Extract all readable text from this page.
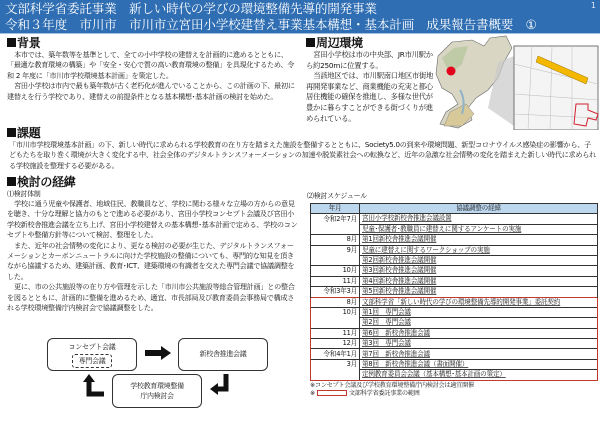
文部科学省委託事業　新しい時代の学びの環境整備先導的開発事業
令和３年度　市川市　市川市立宮田小学校建替え事業基本構想・基本計画　成果報告書概要　①
1
背景
本市では、築年数等を基準として、全ての小中学校の建替えを計画的に進めるとともに、「最適な教育環境の構築」や「安全・安心で質の高い教育環境の整備」を具現化するため、令和 2 年度に「市川市学校環境基本計画」を策定した。
宮田小学校は市内で最も築年数が古く老朽化が進んでいることから、この計画の下、最初に建替えを行う学校であり、建替えの前提条件となる基本構想･基本計画の検討を始めた。
周辺環境
宮田小学校は市の中央部、JR市川駅から約250mに位置する。
当該地区では、市川駅南口地区市街地再開発事業など、商業機能の充実と都心居住機能の確保を推進し、多様な世代が豊かに暮らすことができる街づくりが進められている。
課題
「市川市学校環境基本計画」の下、新しい時代に求められる学校教育の在り方を踏まえた施設を整備するとともに、Society5.0の到来や環境問題、新型コロナウイルス感染症の影響から、子どもたちを取り巻く環境が大きく変化する中、社会全体のデジタルトランスフォーメーションの加速や脱炭素社会への転換など、近年の急激な社会情勢の変化を踏まえた新しい時代に求められる学校施設を整理する必要がある。
検討の経緯
⑴検討体制
学校に通う児童や保護者、地域住民、教職員など、学校に関わる様々な立場の方からの意見を聴き、十分な理解と協力のもとで進める必要があり、宮田小学校コンセプト会議及び宮田小学校新校舎推進会議を立ち上げ、宮田小学校建替えの基本構想･基本計画で定める、学校のコンセプトや整備方針等について検討、整理をした。
また、近年の社会情勢の変化により、更なる検討の必要が生じた、デジタルトランスフォーメーションとカーボンニュートラルに向けた学校施設の整備についても、専門的な知見を頂きながら協議するため、建築計画、教育･ICT、建築環境の有識者を交えた専門会議で協議調整をした。
更に、市の公共施設等の在り方や管理を示した「市川市公共施設等総合管理計画」との整合を図るとともに、計画的に整備を進めるため、適宜、市長部局及び教育委員会事務局で構成される学校環境整備庁内検討会で協議調整をした。
コンセプト会議
専門会議
新校舎推進会議
学校教育環境整備
庁内検討会
⑵検討スケジュール
年月	協議調整の経緯
令和2年7月	宮田小学校新校舎推進会議設置
	児童･保護者･教職員に建替えに関するアンケートの実施
8月	第1回新校舎推進会議開催
9月	児童に建替えに関するワークショップの実施
	第2回新校舎推進会議開催
10月	第3回新校舎推進会議開催
11月	第4回新校舎推進会議開催
令和3年3月	第5回新校舎推進会議開催
8月	文部科学省「新しい時代の学びの環境整備先導的開発事業」委託契約
10月	第1回　専門会議
	第2回　専門会議
11月	第6回　新校舎推進会議
12月	第3回　専門会議
令和4年1月	第7回　新校舎推進会議
3月	第8回　新校舎推進会議（書面開催）
	定例教育委員会会議（基本構想･基本計画の策定）
※コンセプト会議及び学校教育環境整備庁内検討会は適宜開催
※	文部科学省委託事業の範囲
